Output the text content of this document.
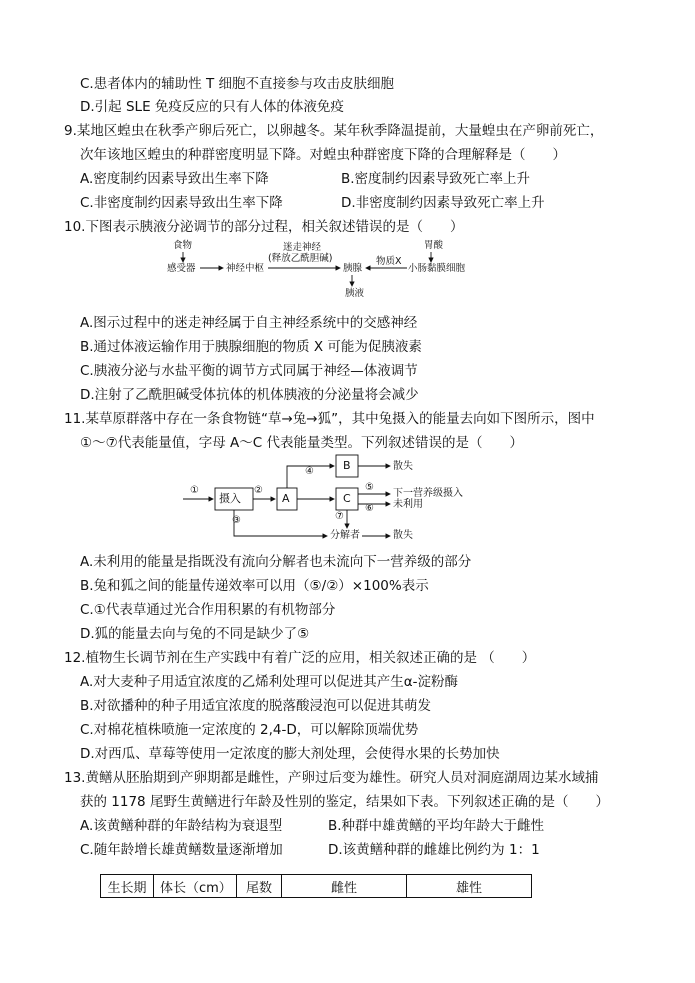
C.患者体内的辅助性 T 细胞不直接参与攻击皮肤细胞
D.引起 SLE 免疫反应的只有人体的体液免疫
9.某地区蝗虫在秋季产卵后死亡，以卵越冬。某年秋季降温提前，大量蝗虫在产卵前死亡，
次年该地区蝗虫的种群密度明显下降。对蝗虫种群密度下降的合理解释是（　　）
A.密度制约因素导致出生率下降	B.密度制约因素导致死亡率上升
C.非密度制约因素导致出生率下降	D.非密度制约因素导致死亡率上升
10.下图表示胰液分泌调节的部分过程，相关叙述错误的是（　　）
食物
感受器	神经中枢
迷走神经
(释放乙酰胆碱)
胰腺
物质X
胃酸
小肠黏膜细胞
胰液
A.图示过程中的迷走神经属于自主神经系统中的交感神经
B.通过体液运输作用于胰腺细胞的物质 X 可能为促胰液素
C.胰液分泌与水盐平衡的调节方式同属于神经—体液调节
D.注射了乙酰胆碱受体抗体的机体胰液的分泌量将会减少
11.某草原群落中存在一条食物链“草→兔→狐”，其中兔摄入的能量去向如下图所示，图中
①～⑦代表能量值，字母 A～C 代表能量类型。下列叙述错误的是（　　）
①	②
③
④
⑤
⑥
⑦
摄入	A
B
C
散失
下一营养级摄入
未利用
分解者	散失
A.未利用的能量是指既没有流向分解者也未流向下一营养级的部分
B.兔和狐之间的能量传递效率可以用（⑤/②）×100%表示
C.①代表草通过光合作用积累的有机物部分
D.狐的能量去向与兔的不同是缺少了⑤
12.植物生长调节剂在生产实践中有着广泛的应用，相关叙述正确的是 （　　）
A.对大麦种子用适宜浓度的乙烯利处理可以促进其产生α-淀粉酶
B.对欲播种的种子用适宜浓度的脱落酸浸泡可以促进其萌发
C.对棉花植株喷施一定浓度的 2,4-D，可以解除顶端优势
D.对西瓜、草莓等使用一定浓度的膨大剂处理，会使得水果的长势加快
13.黄鳝从胚胎期到产卵期都是雌性，产卵过后变为雄性。研究人员对洞庭湖周边某水域捕
获的 1178 尾野生黄鳝进行年龄及性别的鉴定，结果如下表。下列叙述正确的是（　　）
A.该黄鳝种群的年龄结构为衰退型	B.种群中雄黄鳝的平均年龄大于雌性
C.随年龄增长雄黄鳝数量逐渐增加	D.该黄鳝种群的雌雄比例约为 1：1
生长期	体长（cm）	尾数	雌性	雄性
